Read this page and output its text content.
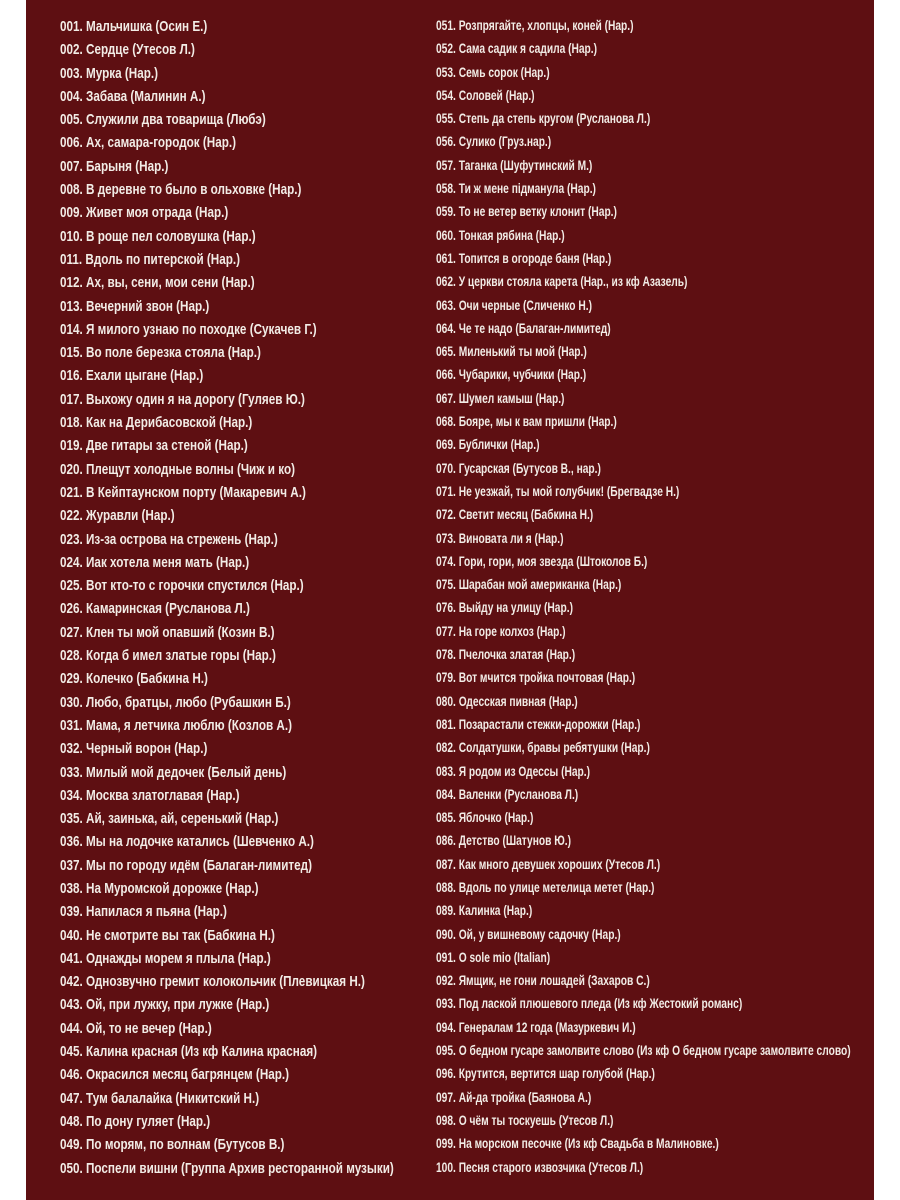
001. Мальчишка (Осин Е.)
002. Сердце (Утесов Л.)
003. Мурка (Нар.)
004. Забава (Малинин А.)
005. Служили два товарища (Любэ)
006. Ах, самара-городок (Нар.)
007. Барыня (Нар.)
008. В деревне то было в ольховке (Нар.)
009. Живет моя отрада (Нар.)
010. В роще пел соловушка (Нар.)
011. Вдоль по питерской (Нар.)
012. Ах, вы, сени, мои сени (Нар.)
013. Вечерний звон (Нар.)
014. Я милого узнаю по походке (Сукачев Г.)
015. Во поле березка стояла (Нар.)
016. Ехали цыгане (Нар.)
017. Выхожу один я на дорогу (Гуляев Ю.)
018. Как на Дерибасовской (Нар.)
019. Две гитары за стеной (Нар.)
020. Плещут холодные волны (Чиж и ко)
021. В Кейптаунском порту (Макаревич А.)
022. Журавли (Нар.)
023. Из-за острова на стрежень (Нар.)
024. Иак хотела меня мать (Нар.)
025. Вот кто-то с горочки спустился (Нар.)
026. Камаринская (Русланова Л.)
027. Клен ты мой опавший (Козин В.)
028. Когда б имел златые горы (Нар.)
029. Колечко (Бабкина Н.)
030. Любо, братцы, любо (Рубашкин Б.)
031. Мама, я летчика люблю (Козлов А.)
032. Черный ворон (Нар.)
033. Милый мой дедочек (Белый день)
034. Москва златоглавая (Нар.)
035. Ай, заинька, ай, серенький (Нар.)
036. Мы на лодочке катались (Шевченко А.)
037. Мы по городу идём (Балаган-лимитед)
038. На Муромской дорожке (Нар.)
039. Напилася я пьяна (Нар.)
040. Не смотрите вы так (Бабкина Н.)
041. Однажды морем я плыла (Нар.)
042. Однозвучно гремит колокольчик (Плевицкая Н.)
043. Ой, при лужку, при лужке (Нар.)
044. Ой, то не вечер (Нар.)
045. Калина красная (Из кф Калина красная)
046. Окрасился месяц багрянцем (Нар.)
047. Тум балалайка (Никитский Н.)
048. По дону гуляет (Нар.)
049. По морям, по волнам (Бутусов В.)
050. Поспели вишни (Группа Архив ресторанной музыки)
051. Розпрягайте, хлопцы, коней (Нар.)
052. Сама садик я садила (Нар.)
053. Семь сорок (Нар.)
054. Соловей (Нар.)
055. Степь да степь кругом (Русланова Л.)
056. Сулико (Груз.нар.)
057. Таганка (Шуфутинский М.)
058. Ти ж мене пiдманула (Нар.)
059. То не ветер ветку клонит (Нар.)
060. Тонкая рябина (Нар.)
061. Топится в огороде баня (Нар.)
062. У церкви стояла карета (Нар., из кф Азазель)
063. Очи черные (Сличенко Н.)
064. Че те надо (Балаган-лимитед)
065. Миленький ты мой (Нар.)
066. Чубарики, чубчики (Нар.)
067. Шумел камыш (Нар.)
068. Бояре, мы к вам пришли (Нар.)
069. Бублички (Нар.)
070. Гусарская (Бутусов В., нар.)
071. Не уезжай, ты мой голубчик! (Брегвадзе Н.)
072. Светит месяц (Бабкина Н.)
073. Виновата ли я (Нар.)
074. Гори, гори, моя звезда (Штоколов Б.)
075. Шарабан мой американка (Нар.)
076. Выйду на улицу (Нар.)
077. На горе колхоз (Нар.)
078. Пчелочка златая (Нар.)
079. Вот мчится тройка почтовая (Нар.)
080. Одесская пивная (Нар.)
081. Позарастали стежки-дорожки (Нар.)
082. Солдатушки, бравы ребятушки (Нар.)
083. Я родом из Одессы (Нар.)
084. Валенки (Русланова Л.)
085. Яблочко (Нар.)
086. Детство (Шатунов Ю.)
087. Как много девушек хороших (Утесов Л.)
088. Вдоль по улице метелица метет (Нар.)
089. Калинка (Нар.)
090. Ой, у вишневому садочку (Нар.)
091. O sole mio (Italian)
092. Ямщик, не гони лошадей (Захаров С.)
093. Под лаской плюшевого пледа (Из кф Жестокий романс)
094. Генералам 12 года (Мазуркевич И.)
095. О бедном гусаре замолвите слово (Из кф О бедном гусаре замолвите слово)
096. Крутится, вертится шар голубой (Нар.)
097. Ай-да тройка (Баянова А.)
098. О чём ты тоскуешь (Утесов Л.)
099. На морском песочке (Из кф Свадьба в Малиновке.)
100. Песня старого извозчика (Утесов Л.)
